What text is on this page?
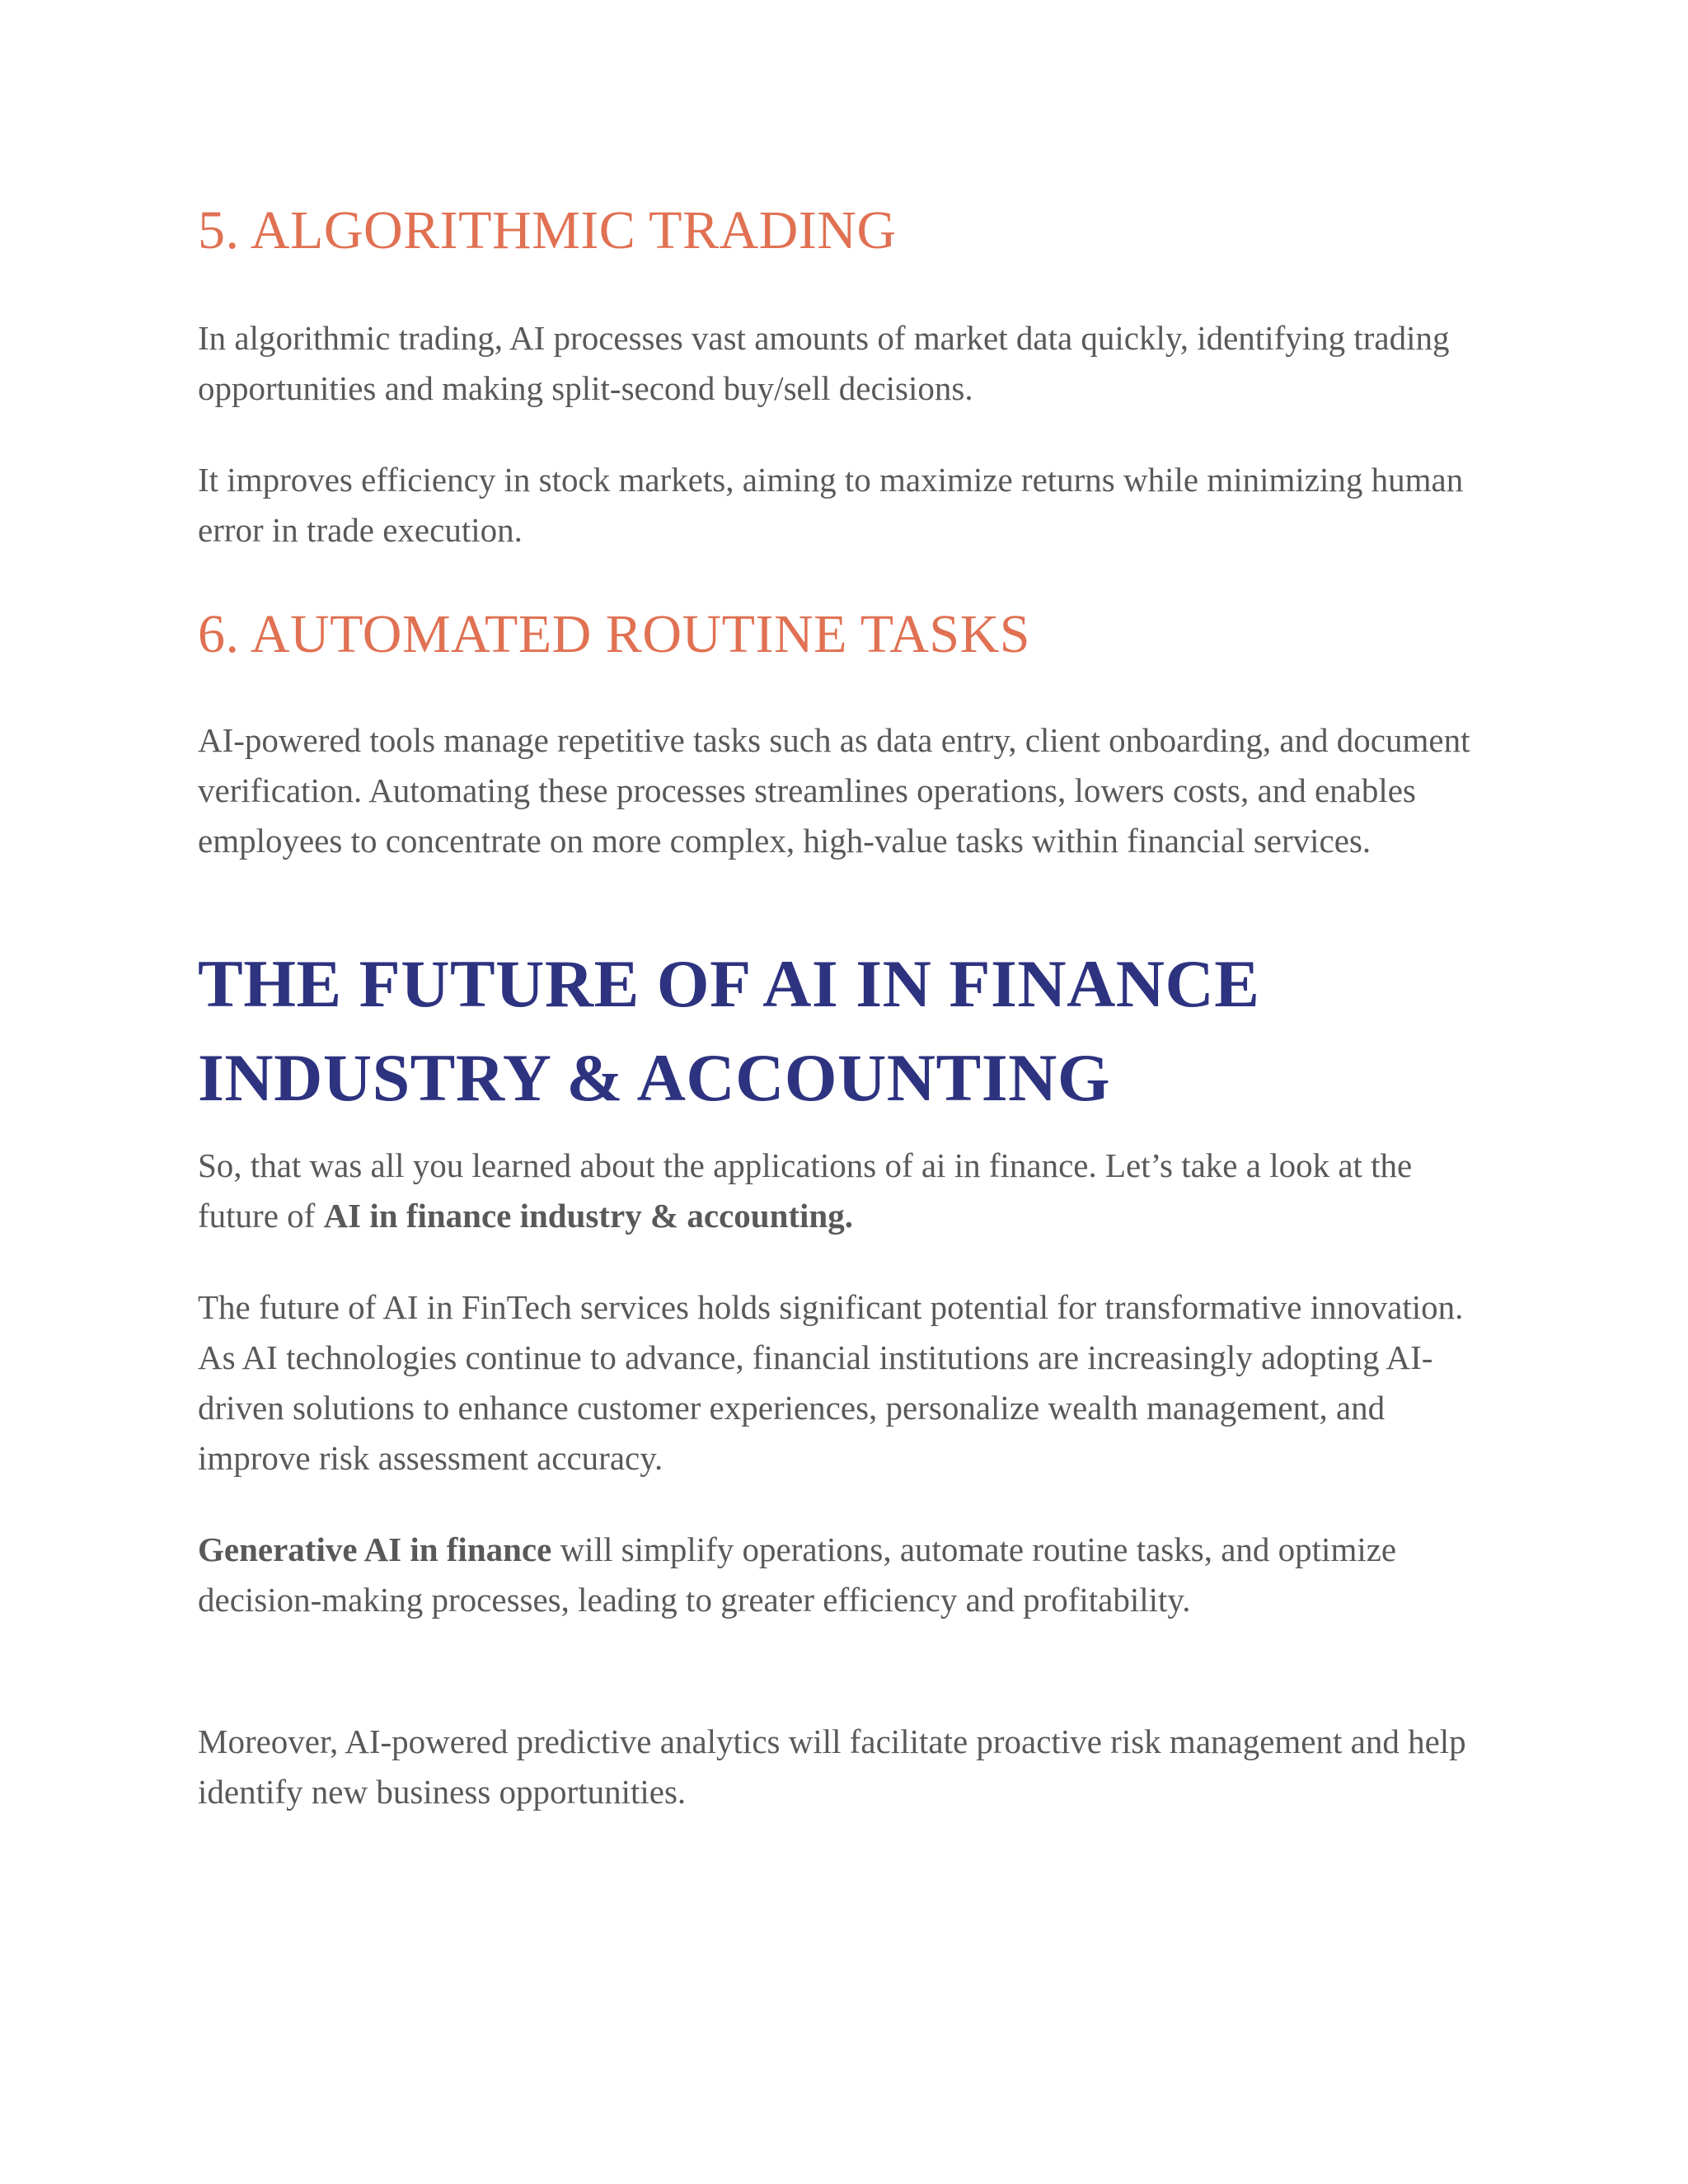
5. ALGORITHMIC TRADING

In algorithmic trading, AI processes vast amounts of market data quickly, identifying trading opportunities and making split-second buy/sell decisions.

It improves efficiency in stock markets, aiming to maximize returns while minimizing human error in trade execution.

6. AUTOMATED ROUTINE TASKS

AI-powered tools manage repetitive tasks such as data entry, client onboarding, and document verification. Automating these processes streamlines operations, lowers costs, and enables employees to concentrate on more complex, high-value tasks within financial services.

THE FUTURE OF AI IN FINANCE
INDUSTRY & ACCOUNTING

So, that was all you learned about the applications of ai in finance. Let’s take a look at the future of AI in finance industry & accounting.

The future of AI in FinTech services holds significant potential for transformative innovation. As AI technologies continue to advance, financial institutions are increasingly adopting AI-driven solutions to enhance customer experiences, personalize wealth management, and improve risk assessment accuracy.

Generative AI in finance will simplify operations, automate routine tasks, and optimize decision-making processes, leading to greater efficiency and profitability.

Moreover, AI-powered predictive analytics will facilitate proactive risk management and help identify new business opportunities.
